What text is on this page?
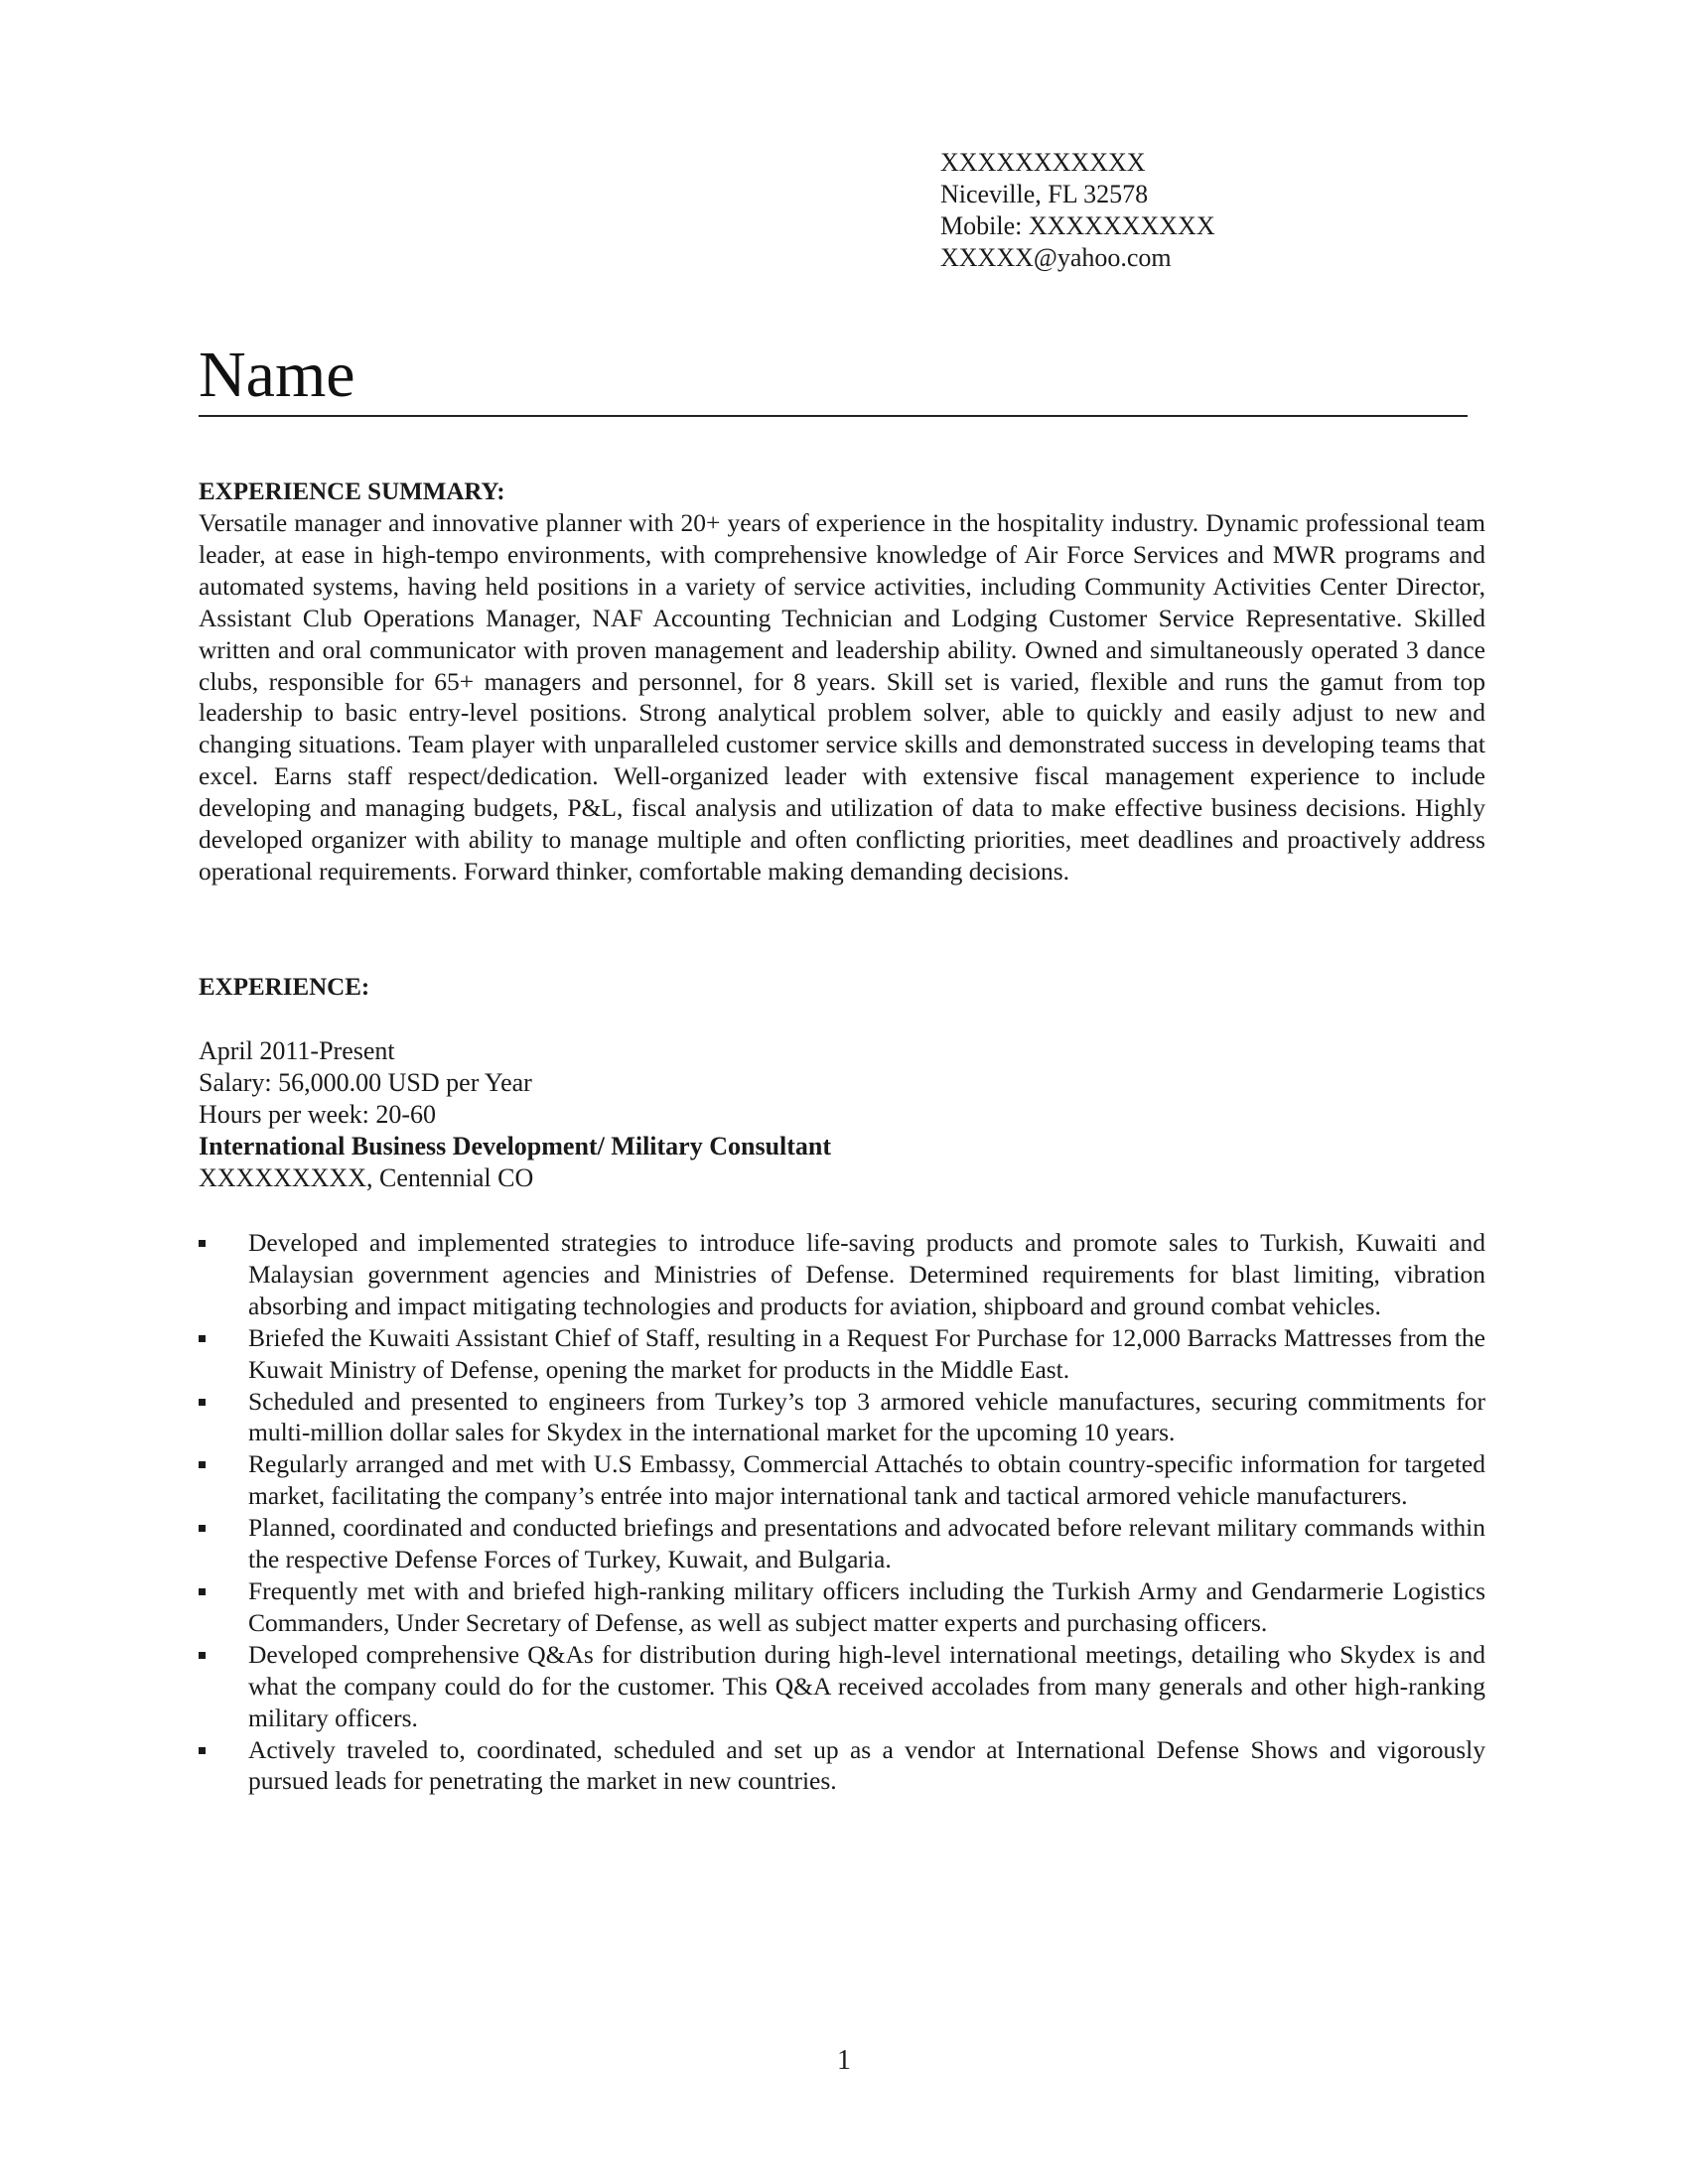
XXXXXXXXXXX
Niceville, FL 32578
Mobile: XXXXXXXXXX
XXXXX@yahoo.com
Name
EXPERIENCE SUMMARY:

Versatile manager and innovative planner with 20+ years of experience in the hospitality industry. Dynamic professional team leader, at ease in high-tempo environments, with comprehensive knowledge of Air Force Services and MWR programs and automated systems, having held positions in a variety of service activities, including Community Activities Center Director, Assistant Club Operations Manager, NAF Accounting Technician and Lodging Customer Service Representative. Skilled written and oral communicator with proven management and leadership ability. Owned and simultaneously operated 3 dance clubs, responsible for 65+ managers and personnel, for 8 years. Skill set is varied, flexible and runs the gamut from top leadership to basic entry-level positions. Strong analytical problem solver, able to quickly and easily adjust to new and changing situations. Team player with unparalleled customer service skills and demonstrated success in developing teams that excel. Earns staff respect/dedication. Well-organized leader with extensive fiscal management experience to include developing and managing budgets, P&L, fiscal analysis and utilization of data to make effective business decisions. Highly developed organizer with ability to manage multiple and often conflicting priorities, meet deadlines and proactively address operational requirements. Forward thinker, comfortable making demanding decisions.

EXPERIENCE:
April 2011-Present
Salary: 56,000.00 USD per Year
Hours per week: 20-60
International Business Development/ Military Consultant
XXXXXXXXX, Centennial CO
Developed and implemented strategies to introduce life-saving products and promote sales to Turkish, Kuwaiti and Malaysian government agencies and Ministries of Defense. Determined requirements for blast limiting, vibration absorbing and impact mitigating technologies and products for aviation, shipboard and ground combat vehicles.
Briefed the Kuwaiti Assistant Chief of Staff, resulting in a Request For Purchase for 12,000 Barracks Mattresses from the Kuwait Ministry of Defense, opening the market for products in the Middle East.
Scheduled and presented to engineers from Turkey’s top 3 armored vehicle manufactures, securing commitments for multi-million dollar sales for Skydex in the international market for the upcoming 10 years.
Regularly arranged and met with U.S Embassy, Commercial Attachés to obtain country-specific information for targeted market, facilitating the company’s entrée into major international tank and tactical armored vehicle manufacturers.
Planned, coordinated and conducted briefings and presentations and advocated before relevant military commands within the respective Defense Forces of Turkey, Kuwait, and Bulgaria.
Frequently met with and briefed high-ranking military officers including the Turkish Army and Gendarmerie Logistics Commanders, Under Secretary of Defense, as well as subject matter experts and purchasing officers.
Developed comprehensive Q&As for distribution during high-level international meetings, detailing who Skydex is and what the company could do for the customer. This Q&A received accolades from many generals and other high-ranking military officers.
Actively traveled to, coordinated, scheduled and set up as a vendor at International Defense Shows and vigorously pursued leads for penetrating the market in new countries.
1
